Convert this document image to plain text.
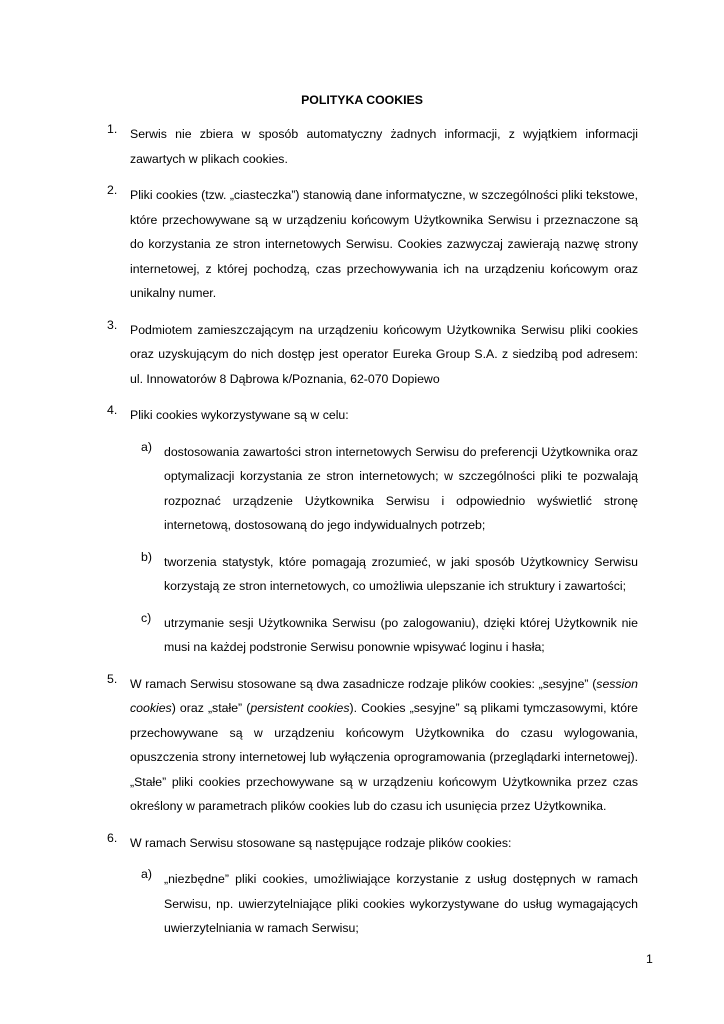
POLITYKA COOKIES
1. Serwis nie zbiera w sposób automatyczny żadnych informacji, z wyjątkiem informacji zawartych w plikach cookies.
2. Pliki cookies (tzw. „ciasteczka”) stanowią dane informatyczne, w szczególności pliki tekstowe, które przechowywane są w urządzeniu końcowym Użytkownika Serwisu i przeznaczone są do korzystania ze stron internetowych Serwisu. Cookies zazwyczaj zawierają nazwę strony internetowej, z której pochodzą, czas przechowywania ich na urządzeniu końcowym oraz unikalny numer.
3. Podmiotem zamieszczającym na urządzeniu końcowym Użytkownika Serwisu pliki cookies oraz uzyskującym do nich dostęp jest operator Eureka Group S.A. z siedzibą pod adresem: ul. Innowatorów 8 Dąbrowa k/Poznania, 62-070 Dopiewo
4. Pliki cookies wykorzystywane są w celu:
a) dostosowania zawartości stron internetowych Serwisu do preferencji Użytkownika oraz optymalizacji korzystania ze stron internetowych; w szczególności pliki te pozwalają rozpoznać urządzenie Użytkownika Serwisu i odpowiednio wyświetlić stronę internetową, dostosowaną do jego indywidualnych potrzeb;
b) tworzenia statystyk, które pomagają zrozumieć, w jaki sposób Użytkownicy Serwisu korzystają ze stron internetowych, co umożliwia ulepszanie ich struktury i zawartości;
c) utrzymanie sesji Użytkownika Serwisu (po zalogowaniu), dzięki której Użytkownik nie musi na każdej podstronie Serwisu ponownie wpisywać loginu i hasła;
5. W ramach Serwisu stosowane są dwa zasadnicze rodzaje plików cookies: „sesyjne” (session cookies) oraz „stałe” (persistent cookies). Cookies „sesyjne” są plikami tymczasowymi, które przechowywane są w urządzeniu końcowym Użytkownika do czasu wylogowania, opuszczenia strony internetowej lub wyłączenia oprogramowania (przeglądarki internetowej). „Stałe” pliki cookies przechowywane są w urządzeniu końcowym Użytkownika przez czas określony w parametrach plików cookies lub do czasu ich usunięcia przez Użytkownika.
6. W ramach Serwisu stosowane są następujące rodzaje plików cookies:
a) „niezbędne” pliki cookies, umożliwiające korzystanie z usług dostępnych w ramach Serwisu, np. uwierzytelniające pliki cookies wykorzystywane do usług wymagających uwierzytelniania w ramach Serwisu;
1
